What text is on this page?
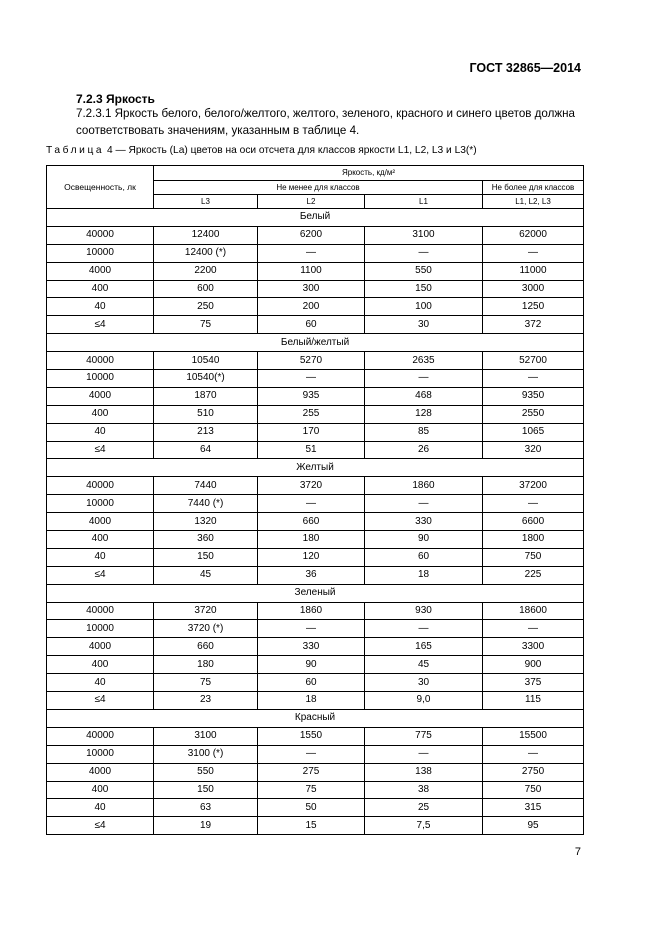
ГОСТ 32865—2014
7.2.3 Яркость
7.2.3.1 Яркость белого, белого/желтого, желтого, зеленого, красного и синего цветов должна соответствовать значениям, указанным в таблице 4.
Таблица 4 — Яркость (La) цветов на оси отсчета для классов яркости L1, L2, L3 и L3(*)
Освещенность, лк	Яркость, кд/м²			
	Не менее для классов			Не более для классов
	L3	L2	L1	L1, L2, L3
Белый				
40000	12400	6200	3100	62000
10000	12400 (*)	—	—	—
4000	2200	1100	550	11000
400	600	300	150	3000
40	250	200	100	1250
≤4	75	60	30	372
Белый/желтый				
40000	10540	5270	2635	52700
10000	10540(*)	—	—	—
4000	1870	935	468	9350
400	510	255	128	2550
40	213	170	85	1065
≤4	64	51	26	320
Желтый				
40000	7440	3720	1860	37200
10000	7440 (*)	—	—	—
4000	1320	660	330	6600
400	360	180	90	1800
40	150	120	60	750
≤4	45	36	18	225
Зеленый				
40000	3720	1860	930	18600
10000	3720 (*)	—	—	—
4000	660	330	165	3300
400	180	90	45	900
40	75	60	30	375
≤4	23	18	9,0	115
Красный				
40000	3100	1550	775	15500
10000	3100 (*)	—	—	—
4000	550	275	138	2750
400	150	75	38	750
40	63	50	25	315
≤4	19	15	7,5	95
7
